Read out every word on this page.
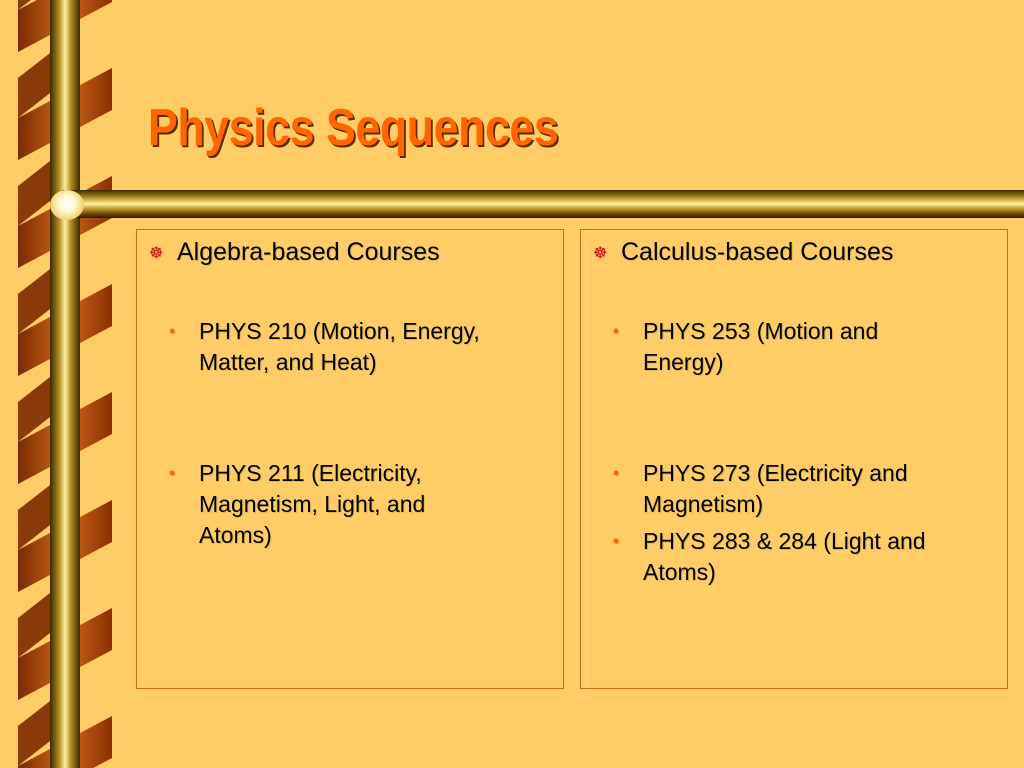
Physics Sequences
☸ Algebra-based Courses
• PHYS 210 (Motion, Energy, Matter, and Heat)
• PHYS 211 (Electricity, Magnetism, Light, and Atoms)
☸ Calculus-based Courses
• PHYS 253 (Motion and Energy)
• PHYS 273 (Electricity and Magnetism)
• PHYS 283 & 284 (Light and Atoms)
